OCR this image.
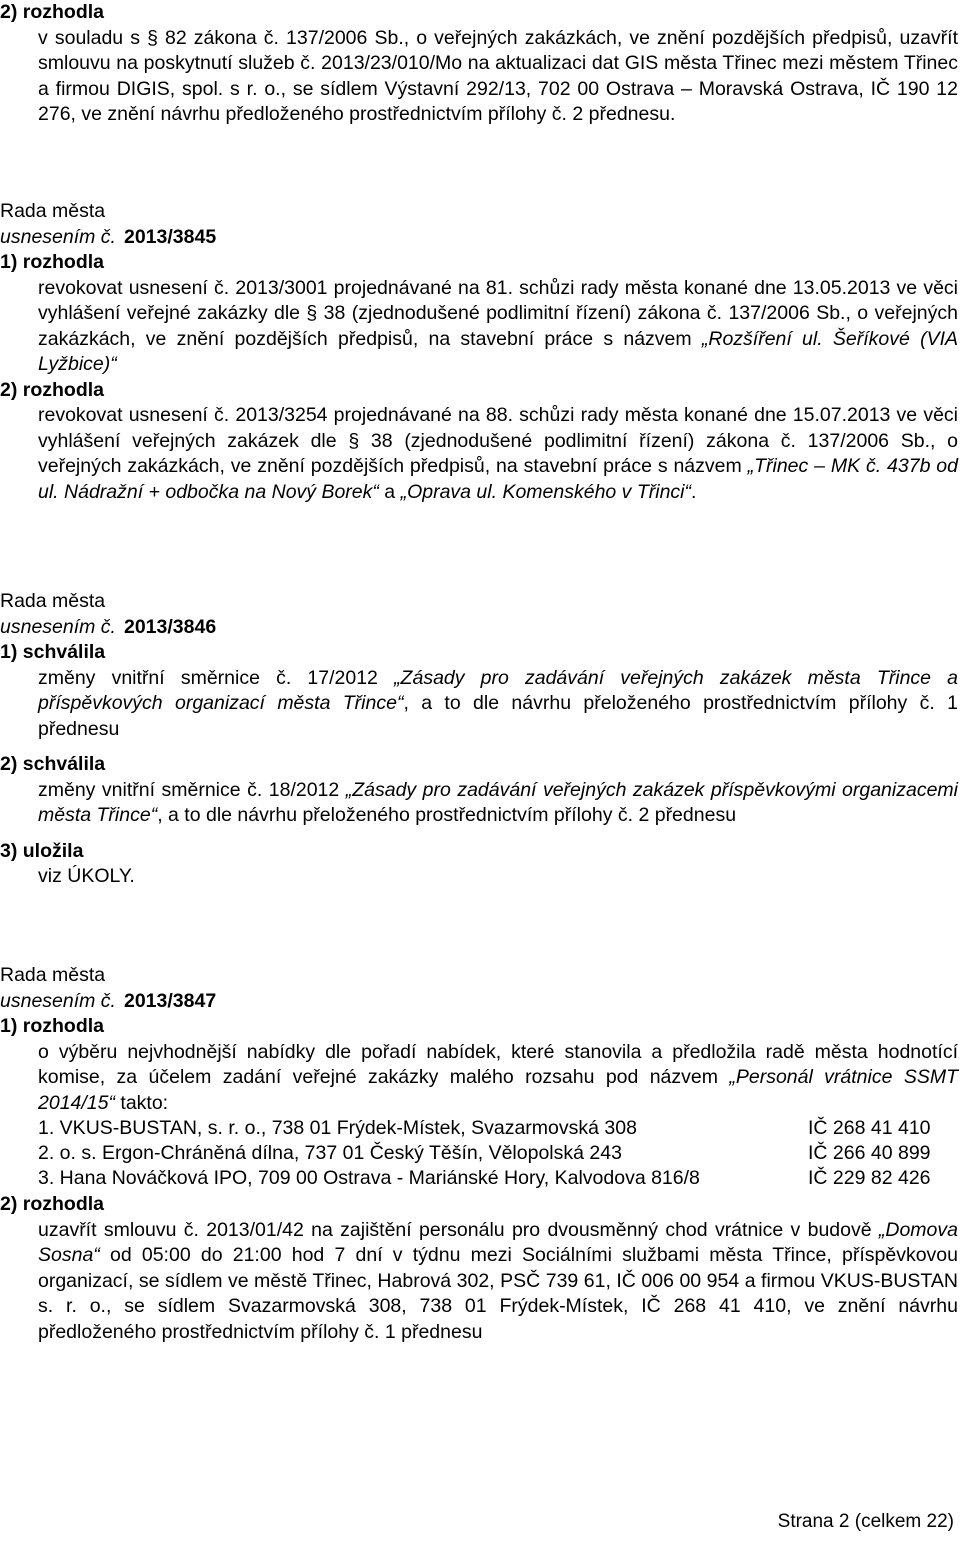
2) rozhodla

v souladu s § 82 zákona č. 137/2006 Sb., o veřejných zakázkách, ve znění pozdějších předpisů, uzavřít smlouvu na poskytnutí služeb č. 2013/23/010/Mo na aktualizaci dat GIS města Třinec mezi městem Třinec a firmou DIGIS, spol. s r. o., se sídlem Výstavní 292/13, 702 00 Ostrava – Moravská Ostrava, IČ 190 12 276, ve znění návrhu předloženého prostřednictvím přílohy č. 2 přednesu.

Rada města

usnesením č. 2013/3845

1) rozhodla

revokovat usnesení č. 2013/3001 projednávané na 81. schůzi rady města konané dne 13.05.2013 ve věci vyhlášení veřejné zakázky dle § 38 (zjednodušené podlimitní řízení) zákona č. 137/2006 Sb., o veřejných zakázkách, ve znění pozdějších předpisů, na stavební práce s názvem „Rozšíření ul. Šeříkové (VIA Lyžbice)“

2) rozhodla

revokovat usnesení č. 2013/3254 projednávané na 88. schůzi rady města konané dne 15.07.2013 ve věci vyhlášení veřejných zakázek dle § 38 (zjednodušené podlimitní řízení) zákona č. 137/2006 Sb., o veřejných zakázkách, ve znění pozdějších předpisů, na stavební práce s názvem „Třinec – MK č. 437b od ul. Nádražní + odbočka na Nový Borek“ a „Oprava ul. Komenského v Třinci“.

Rada města

usnesením č. 2013/3846

1) schválila

změny vnitřní směrnice č. 17/2012 „Zásady pro zadávání veřejných zakázek města Třince a příspěvkových organizací města Třince“, a to dle návrhu přeloženého prostřednictvím přílohy č. 1 přednesu

2) schválila

změny vnitřní směrnice č. 18/2012 „Zásady pro zadávání veřejných zakázek příspěvkovými organizacemi města Třince“, a to dle návrhu přeloženého prostřednictvím přílohy č. 2 přednesu

3) uložila

viz ÚKOLY.

Rada města

usnesením č. 2013/3847

1) rozhodla

o výběru nejvhodnější nabídky dle pořadí nabídek, které stanovila a předložila radě města hodnotící komise, za účelem zadání veřejné zakázky malého rozsahu pod názvem „Personál vrátnice SSMT 2014/15“ takto:

1. VKUS-BUSTAN, s. r. o., 738 01 Frýdek-Místek, Svazarmovská 308	IČ 268 41 410
2. o. s. Ergon-Chráněná dílna, 737 01 Český Těšín, Vělopolská 243	IČ 266 40 899
3. Hana Nováčková IPO, 709 00 Ostrava - Mariánské Hory, Kalvodova 816/8	IČ 229 82 426

2) rozhodla

uzavřít smlouvu č. 2013/01/42 na zajištění personálu pro dvousměnný chod vrátnice v budově „Domova Sosna“ od 05:00 do 21:00 hod 7 dní v týdnu mezi Sociálními službami města Třince, příspěvkovou organizací, se sídlem ve městě Třinec, Habrová 302, PSČ 739 61, IČ 006 00 954 a firmou VKUS-BUSTAN s. r. o., se sídlem Svazarmovská 308, 738 01 Frýdek-Místek, IČ 268 41 410, ve znění návrhu předloženého prostřednictvím přílohy č. 1 přednesu

Strana 2 (celkem 22)
